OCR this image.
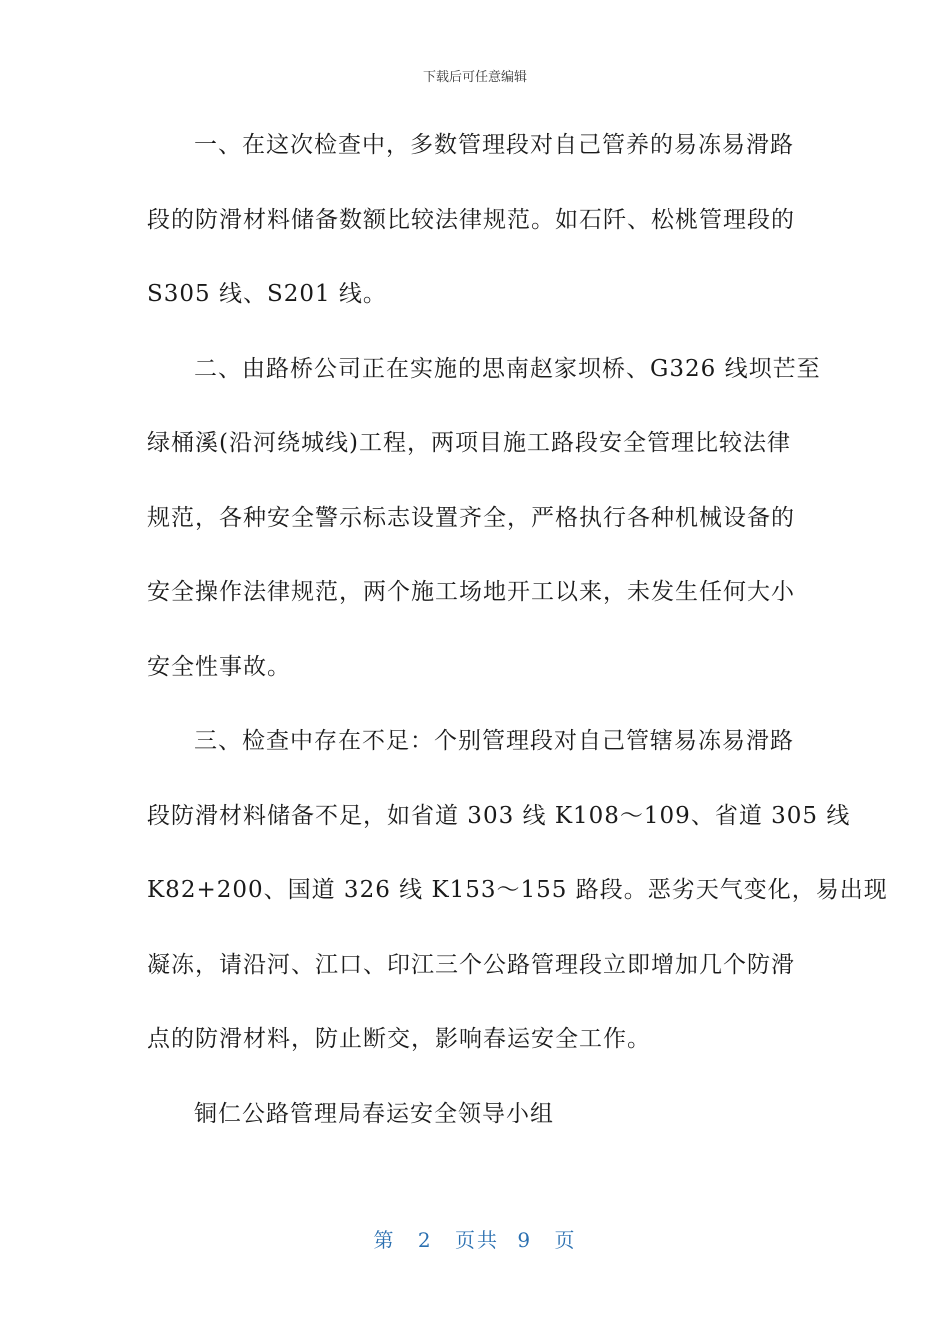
下载后可任意编辑
一、在这次检查中，多数管理段对自己管养的易冻易滑路
段的防滑材料储备数额比较法律规范。如石阡、松桃管理段的
S305 线、S201 线。
二、由路桥公司正在实施的思南赵家坝桥、G326 线坝芒至
绿桶溪(沿河绕城线)工程，两项目施工路段安全管理比较法律
规范，各种安全警示标志设置齐全，严格执行各种机械设备的
安全操作法律规范，两个施工场地开工以来，未发生任何大小
安全性事故。
三、检查中存在不足：个别管理段对自己管辖易冻易滑路
段防滑材料储备不足，如省道 303 线 K108～109、省道 305 线
K82+200、国道 326 线 K153～155 路段。恶劣天气变化，易出现
凝冻，请沿河、江口、印江三个公路管理段立即增加几个防滑
点的防滑材料，防止断交，影响春运安全工作。
铜仁公路管理局春运安全领导小组
第 2 页共 9 页
